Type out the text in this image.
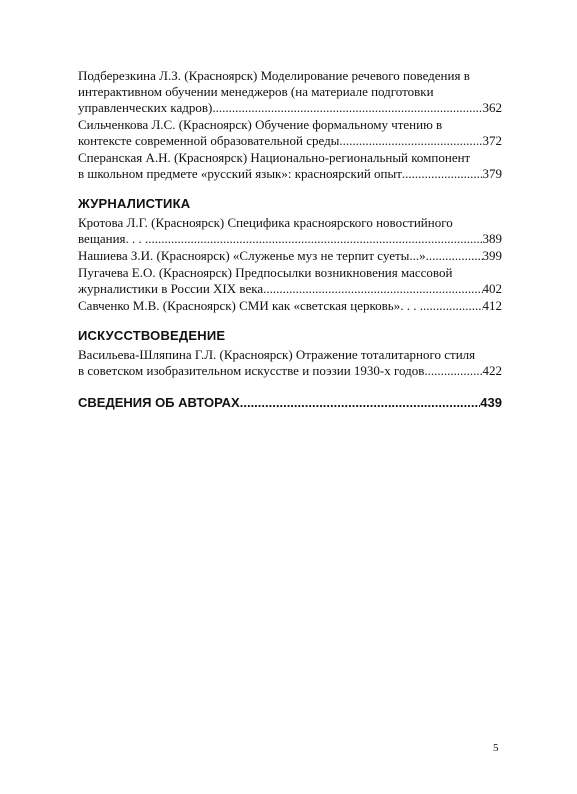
Подберезкина Л.З. (Красноярск) Моделирование речевого поведения в
интерактивном обучении менеджеров (на материале подготовки
управленческих кадров) .....	362
Сильченкова Л.С. (Красноярск) Обучение формальному чтению в
контексте современной образовательной среды .....	372
Сперанская А.Н. (Красноярск) Национально-региональный компонент
в школьном предмете «русский язык»: красноярский опыт .....	379
ЖУРНАЛИСТИКА
Кротова Л.Г. (Красноярск) Специфика красноярского новостийного
вещания. . . . .....	389
Нашиева З.И. (Красноярск) «Служенье муз не терпит суеты...» .....	399
Пугачева Е.О. (Красноярск) Предпосылки возникновения массовой
журналистики в России XIX века .....	402
Савченко М.В. (Красноярск) СМИ как «светская церковь». . . . .....	412
ИСКУССТВОВЕДЕНИЕ
Васильева-Шляпина Г.Л. (Красноярск) Отражение тоталитарного стиля
в советском изобразительном искусстве и поэзии 1930-х годов .....	422
СВЕДЕНИЯ ОБ АВТОРАХ .....	439
5
